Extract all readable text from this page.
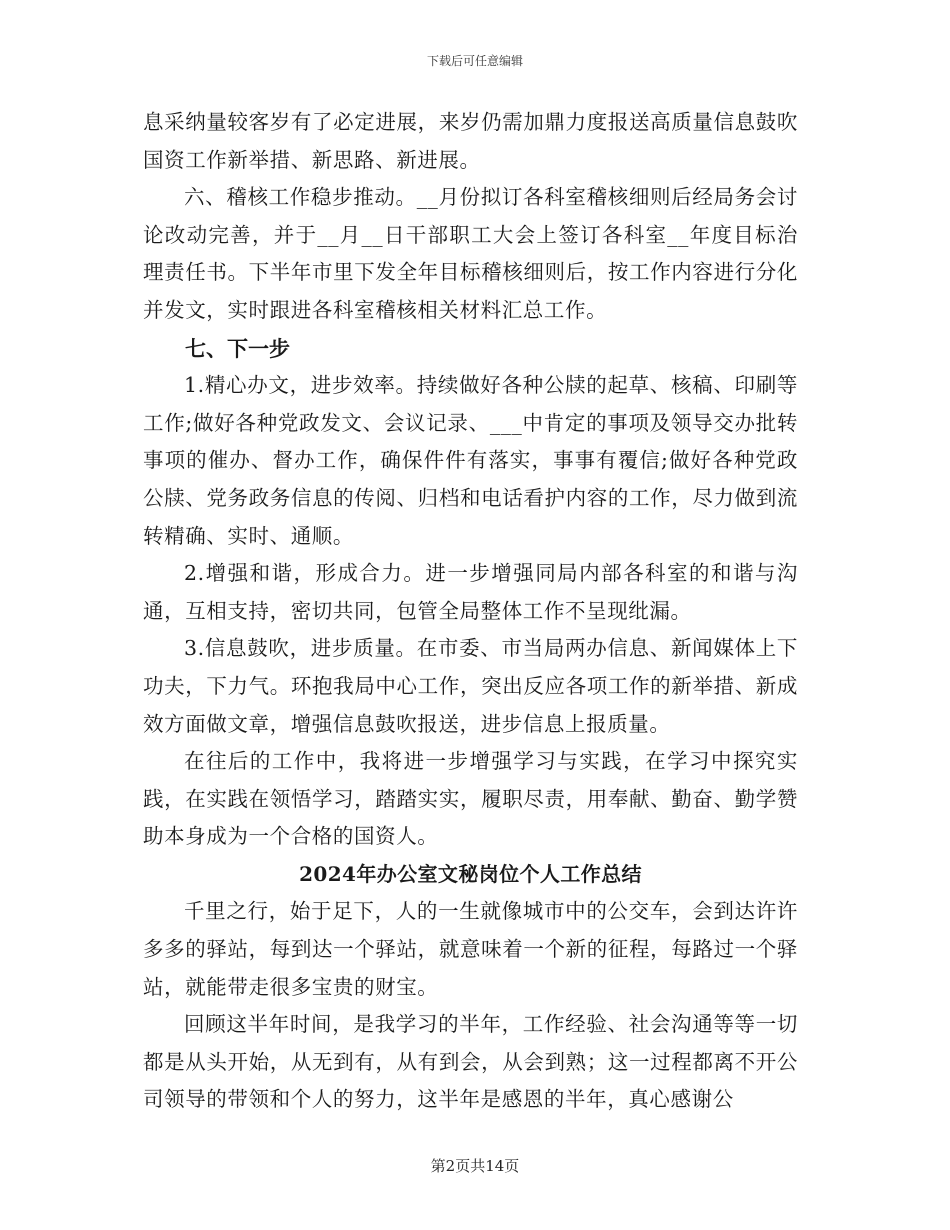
下载后可任意编辑

息采纳量较客岁有了必定进展，来岁仍需加鼎力度报送高质量信息鼓吹国资工作新举措、新思路、新进展。

六、稽核工作稳步推动。__月份拟订各科室稽核细则后经局务会讨论改动完善，并于__月__日干部职工大会上签订各科室__年度目标治理责任书。下半年市里下发全年目标稽核细则后，按工作内容进行分化并发文，实时跟进各科室稽核相关材料汇总工作。

七、下一步

1.精心办文，进步效率。持续做好各种公牍的起草、核稿、印刷等工作;做好各种党政发文、会议记录、___中肯定的事项及领导交办批转事项的催办、督办工作，确保件件有落实，事事有覆信;做好各种党政公牍、党务政务信息的传阅、归档和电话看护内容的工作，尽力做到流转精确、实时、通顺。

2.增强和谐，形成合力。进一步增强同局内部各科室的和谐与沟通，互相支持，密切共同，包管全局整体工作不呈现纰漏。

3.信息鼓吹，进步质量。在市委、市当局两办信息、新闻媒体上下功夫，下力气。环抱我局中心工作，突出反应各项工作的新举措、新成效方面做文章，增强信息鼓吹报送，进步信息上报质量。

在往后的工作中，我将进一步增强学习与实践，在学习中探究实践，在实践在领悟学习，踏踏实实，履职尽责，用奉献、勤奋、勤学赞助本身成为一个合格的国资人。

2024年办公室文秘岗位个人工作总结

千里之行，始于足下，人的一生就像城市中的公交车，会到达许许多多的驿站，每到达一个驿站，就意味着一个新的征程，每路过一个驿站，就能带走很多宝贵的财宝。

回顾这半年时间，是我学习的半年，工作经验、社会沟通等等一切都是从头开始，从无到有，从有到会，从会到熟；这一过程都离不开公司领导的带领和个人的努力，这半年是感恩的半年，真心感谢公

第2页共14页
